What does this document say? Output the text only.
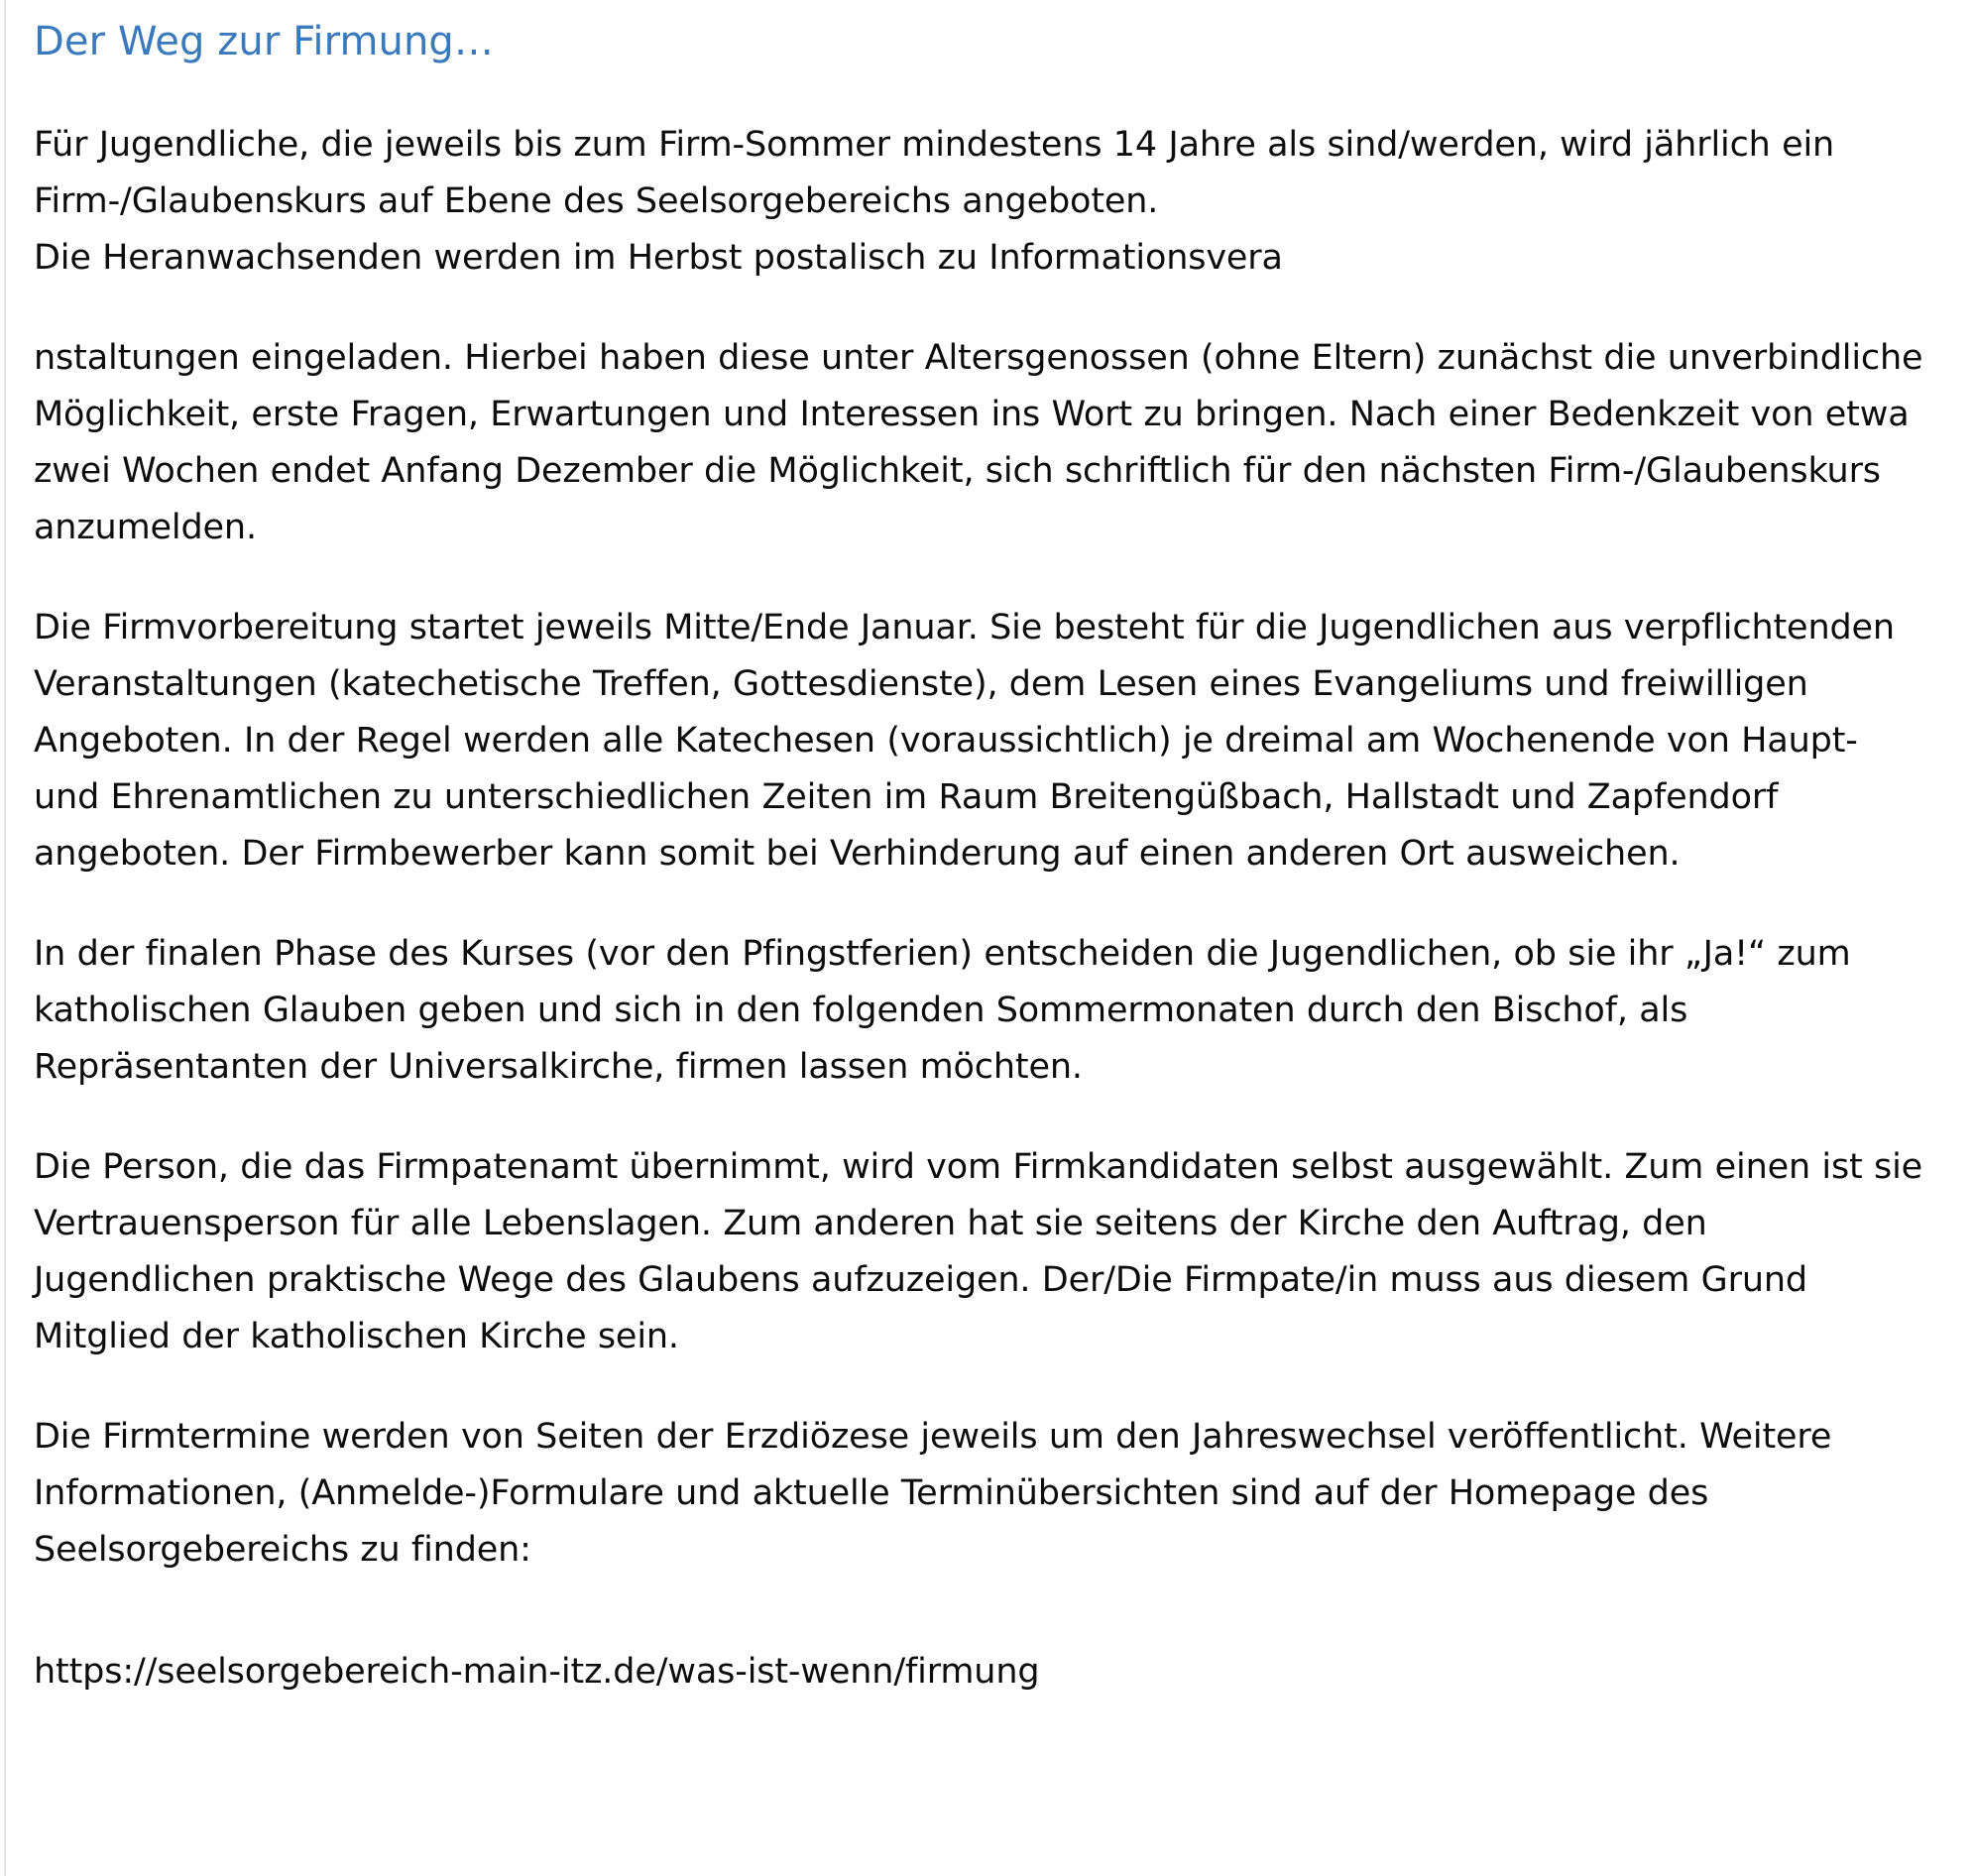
Der Weg zur Firmung…

Für Jugendliche, die jeweils bis zum Firm-Sommer mindestens 14 Jahre als sind/werden, wird jährlich ein Firm-/Glaubenskurs auf Ebene des Seelsorgebereichs angeboten.
Die Heranwachsenden werden im Herbst postalisch zu Informationsvera

nstaltungen eingeladen. Hierbei haben diese unter Altersgenossen (ohne Eltern) zunächst die unverbindliche Möglichkeit, erste Fragen, Erwartungen und Interessen ins Wort zu bringen. Nach einer Bedenkzeit von etwa zwei Wochen endet Anfang Dezember die Möglichkeit, sich schriftlich für den nächsten Firm-/Glaubenskurs anzumelden.

Die Firmvorbereitung startet jeweils Mitte/Ende Januar. Sie besteht für die Jugendlichen aus verpflichtenden Veranstaltungen (katechetische Treffen, Gottesdienste), dem Lesen eines Evangeliums und freiwilligen Angeboten. In der Regel werden alle Katechesen (voraussichtlich) je dreimal am Wochenende von Haupt- und Ehrenamtlichen zu unterschiedlichen Zeiten im Raum Breitengüßbach, Hallstadt und Zapfendorf angeboten. Der Firmbewerber kann somit bei Verhinderung auf einen anderen Ort ausweichen.

In der finalen Phase des Kurses (vor den Pfingstferien) entscheiden die Jugendlichen, ob sie ihr „Ja!“ zum katholischen Glauben geben und sich in den folgenden Sommermonaten durch den Bischof, als Repräsentanten der Universalkirche, firmen lassen möchten.

Die Person, die das Firmpatenamt übernimmt, wird vom Firmkandidaten selbst ausgewählt. Zum einen ist sie Vertrauensperson für alle Lebenslagen. Zum anderen hat sie seitens der Kirche den Auftrag, den Jugendlichen praktische Wege des Glaubens aufzuzeigen. Der/Die Firmpate/in muss aus diesem Grund Mitglied der katholischen Kirche sein.

Die Firmtermine werden von Seiten der Erzdiözese jeweils um den Jahreswechsel veröffentlicht. Weitere Informationen, (Anmelde-)Formulare und aktuelle Terminübersichten sind auf der Homepage des Seelsorgebereichs zu finden:

https://seelsorgebereich-main-itz.de/was-ist-wenn/firmung
